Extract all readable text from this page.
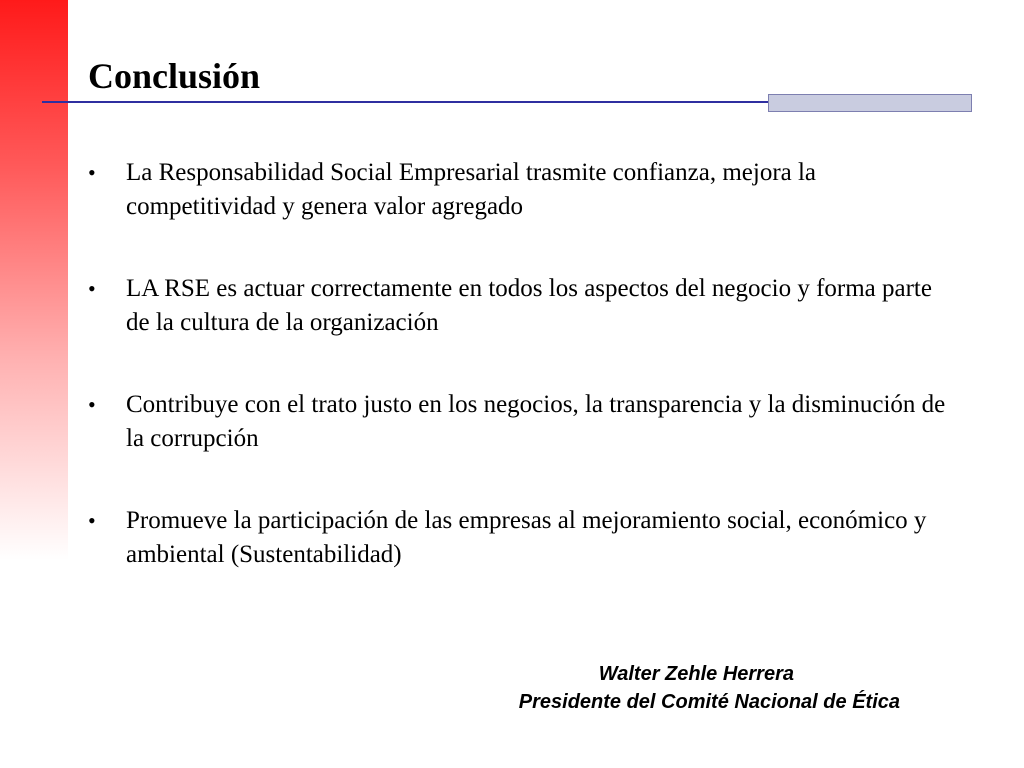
Conclusión
• La Responsabilidad Social Empresarial trasmite confianza, mejora la competitividad y genera valor agregado
• LA RSE es actuar correctamente en todos los aspectos del negocio y forma parte de la cultura de la organización
• Contribuye con el trato justo en los negocios, la transparencia y la disminución de la corrupción
• Promueve la participación de las empresas al mejoramiento social, económico y ambiental (Sustentabilidad)
Walter Zehle Herrera
Presidente del Comité Nacional de Ética
